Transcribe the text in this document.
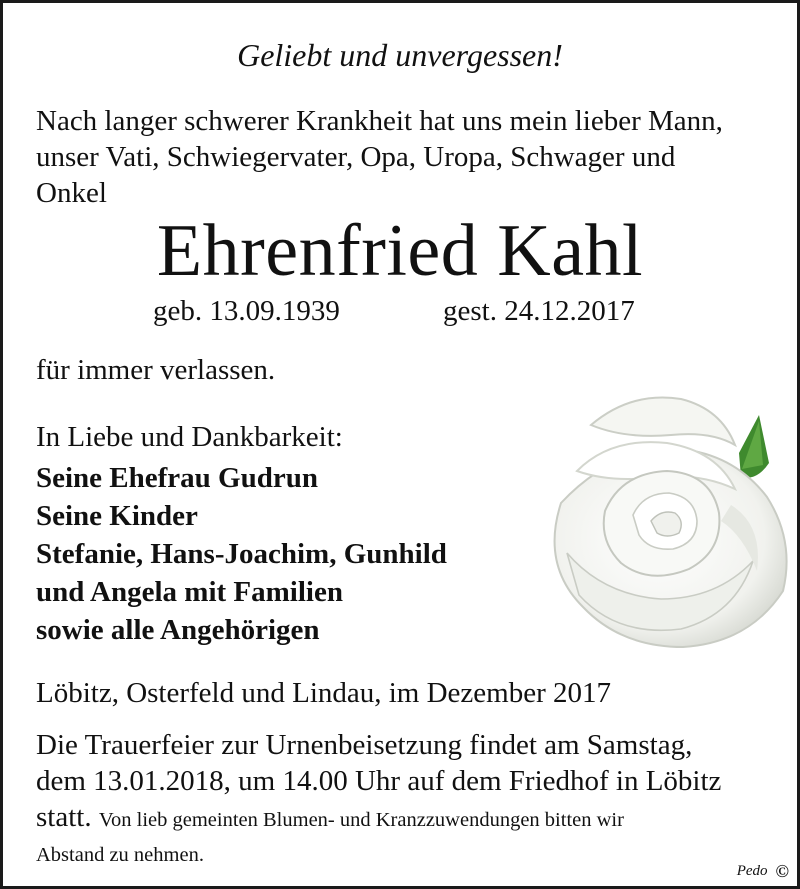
Geliebt und unvergessen!

Nach langer schwerer Krankheit hat uns mein lieber Mann,

unser Vati, Schwiegervater, Opa, Uropa, Schwager und

Onkel

Ehrenfried Kahl

geb. 13.09.1939	gest. 24.12.2017

für immer verlassen.

In Liebe und Dankbarkeit:

Seine Ehefrau Gudrun

Seine Kinder

Stefanie, Hans-Joachim, Gunhild

und Angela mit Familien

sowie alle Angehörigen

Löbitz, Osterfeld und Lindau, im Dezember 2017

Die Trauerfeier zur Urnenbeisetzung findet am Samstag,

dem 13.01.2018, um 14.00 Uhr auf dem Friedhof in Löbitz

statt. Von lieb gemeinten Blumen- und Kranzzuwendungen bitten wir

Abstand zu nehmen.

Pedo ©
